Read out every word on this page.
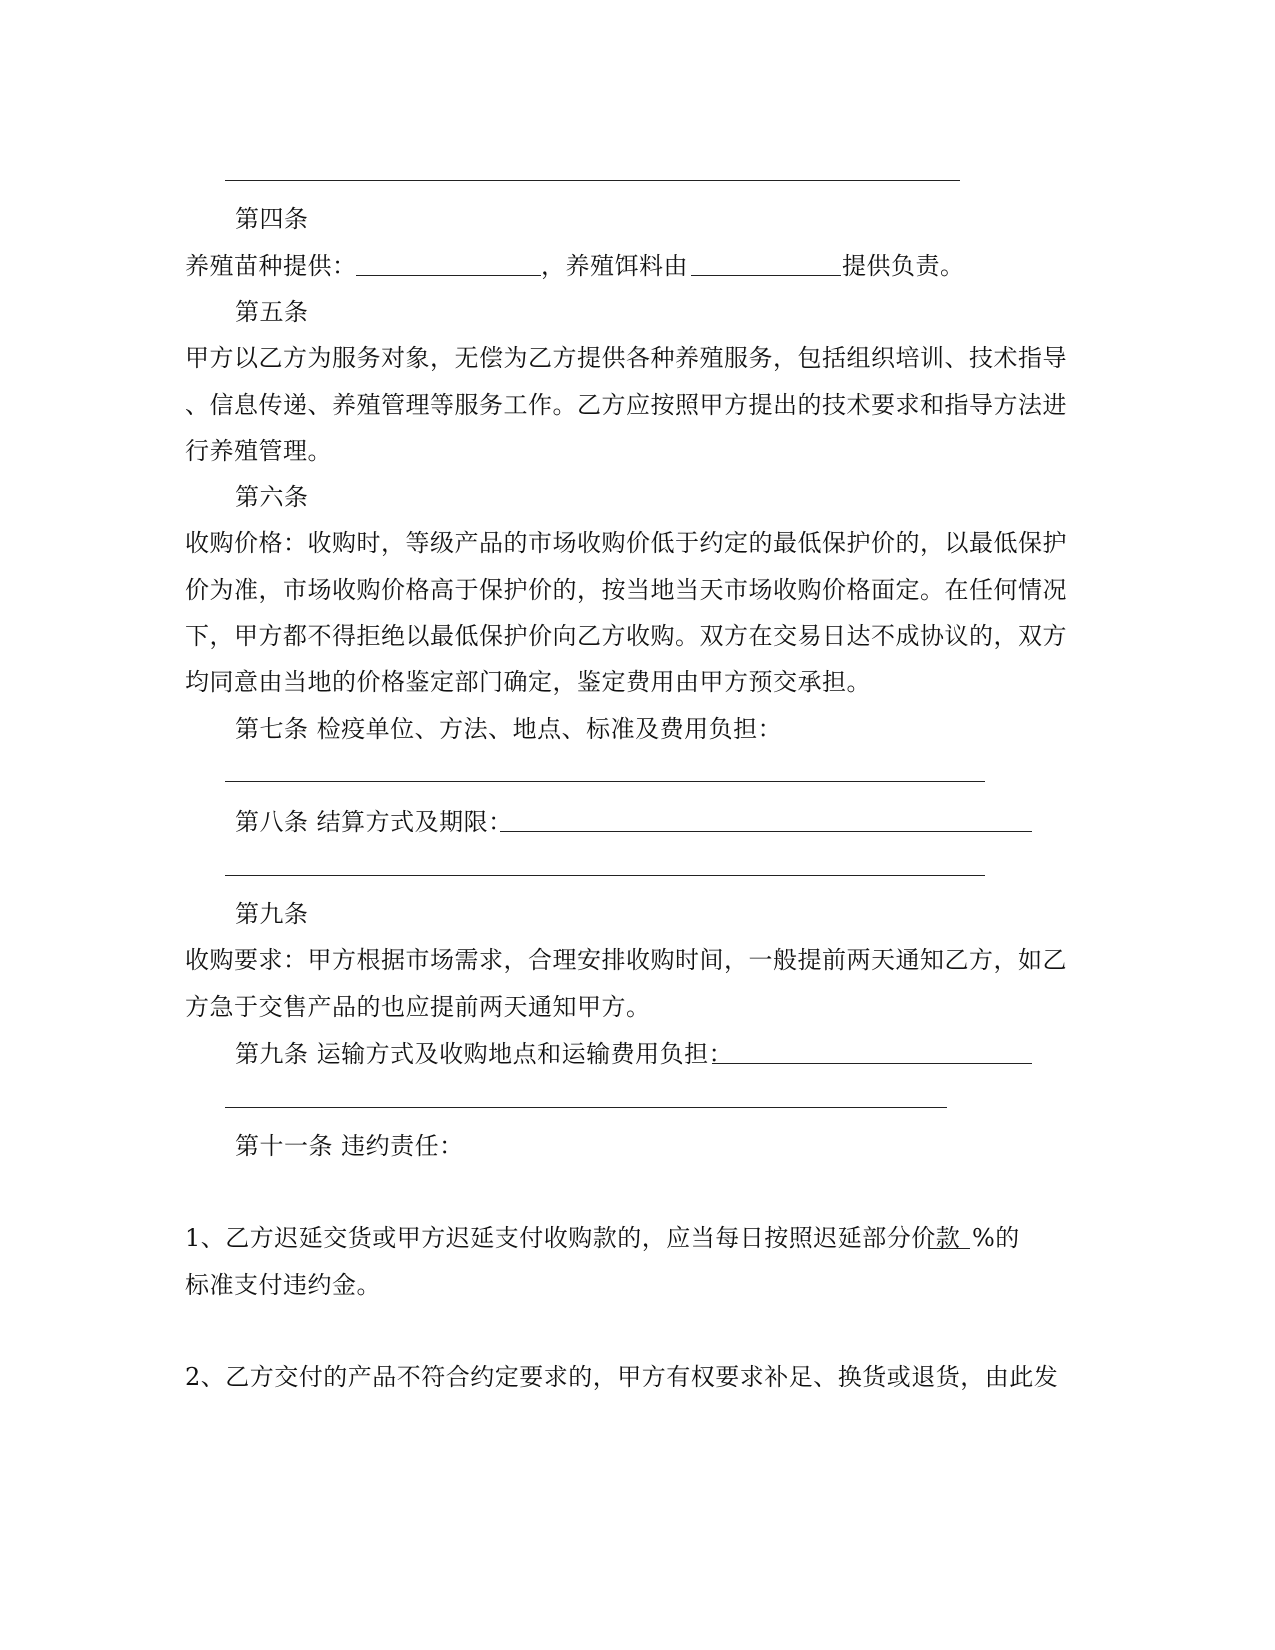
第四条
养殖苗种提供：	，养殖饵料由	提供负责。
第五条
甲方以乙方为服务对象，无偿为乙方提供各种养殖服务，包括组织培训、技术指导
、信息传递、养殖管理等服务工作。乙方应按照甲方提出的技术要求和指导方法进
行养殖管理。
第六条
收购价格：收购时，等级产品的市场收购价低于约定的最低保护价的，以最低保护
价为准，市场收购价格高于保护价的，按当地当天市场收购价格面定。在任何情况
下，甲方都不得拒绝以最低保护价向乙方收购。双方在交易日达不成协议的，双方
均同意由当地的价格鉴定部门确定，鉴定费用由甲方预交承担。
第七条 检疫单位、方法、地点、标准及费用负担：
第八条 结算方式及期限：
第九条
收购要求：甲方根据市场需求，合理安排收购时间，一般提前两天通知乙方，如乙
方急于交售产品的也应提前两天通知甲方。
第九条 运输方式及收购地点和运输费用负担：
第十一条 违约责任：
1、乙方迟延交货或甲方迟延支付收购款的，应当每日按照迟延部分价款 %的
标准支付违约金。
2、乙方交付的产品不符合约定要求的，甲方有权要求补足、换货或退货，由此发
